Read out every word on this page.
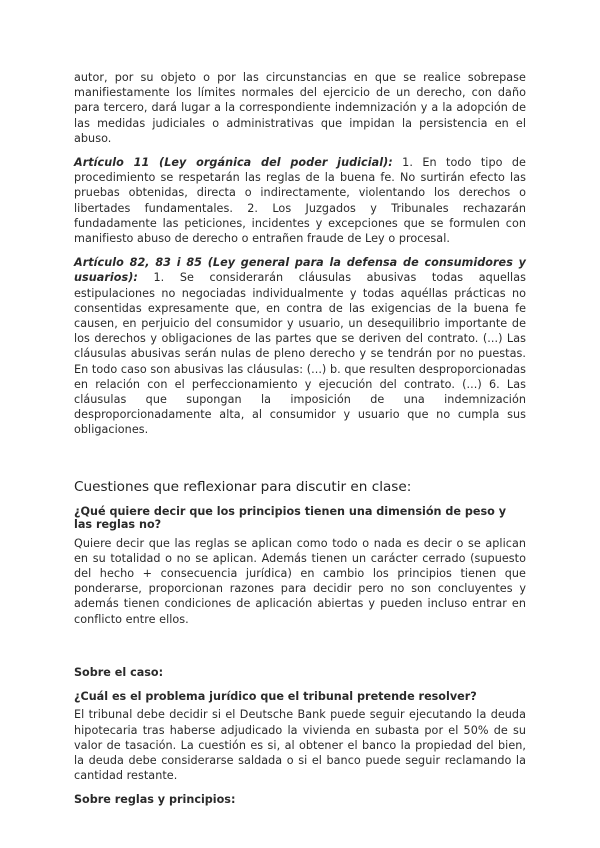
autor, por su objeto o por las circunstancias en que se realice sobrepase manifiestamente los límites normales del ejercicio de un derecho, con daño para tercero, dará lugar a la correspondiente indemnización y a la adopción de las medidas judiciales o administrativas que impidan la persistencia en el abuso.

Artículo 11 (Ley orgánica del poder judicial): 1. En todo tipo de procedimiento se respetarán las reglas de la buena fe. No surtirán efecto las pruebas obtenidas, directa o indirectamente, violentando los derechos o libertades fundamentales. 2. Los Juzgados y Tribunales rechazarán fundadamente las peticiones, incidentes y excepciones que se formulen con manifiesto abuso de derecho o entrañen fraude de Ley o procesal.

Artículo 82, 83 i 85 (Ley general para la defensa de consumidores y usuarios): 1. Se considerarán cláusulas abusivas todas aquellas estipulaciones no negociadas individualmente y todas aquéllas prácticas no consentidas expresamente que, en contra de las exigencias de la buena fe causen, en perjuicio del consumidor y usuario, un desequilibrio importante de los derechos y obligaciones de las partes que se deriven del contrato. (...) Las cláusulas abusivas serán nulas de pleno derecho y se tendrán por no puestas. En todo caso son abusivas las cláusulas: (...) b. que resulten desproporcionadas en relación con el perfeccionamiento y ejecución del contrato. (...) 6. Las cláusulas que supongan la imposición de una indemnización desproporcionadamente alta, al consumidor y usuario que no cumpla sus obligaciones.

Cuestiones que reflexionar para discutir en clase:

¿Qué quiere decir que los principios tienen una dimensión de peso y las reglas no?

Quiere decir que las reglas se aplican como todo o nada es decir o se aplican en su totalidad o no se aplican. Además tienen un carácter cerrado (supuesto del hecho + consecuencia jurídica) en cambio los principios tienen que ponderarse, proporcionan razones para decidir pero no son concluyentes y además tienen condiciones de aplicación abiertas y pueden incluso entrar en conflicto entre ellos.

Sobre el caso:

¿Cuál es el problema jurídico que el tribunal pretende resolver?

El tribunal debe decidir si el Deutsche Bank puede seguir ejecutando la deuda hipotecaria tras haberse adjudicado la vivienda en subasta por el 50% de su valor de tasación. La cuestión es si, al obtener el banco la propiedad del bien, la deuda debe considerarse saldada o si el banco puede seguir reclamando la cantidad restante.

Sobre reglas y principios:
